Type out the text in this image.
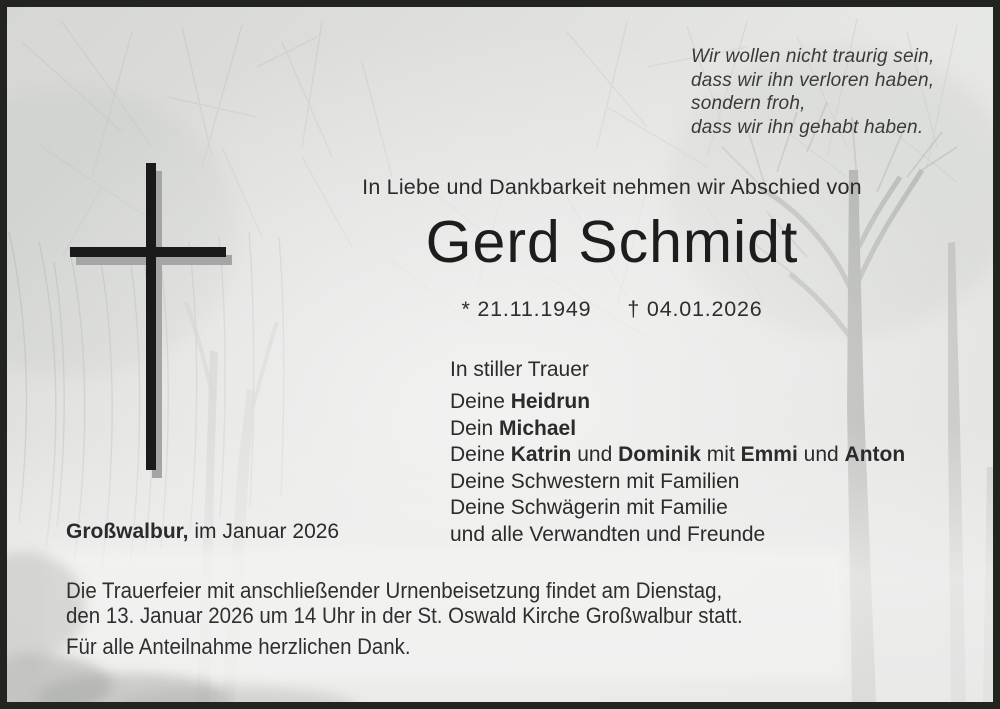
Wir wollen nicht traurig sein,
dass wir ihn verloren haben,
sondern froh,
dass wir ihn gehabt haben.
In Liebe und Dankbarkeit nehmen wir Abschied von
Gerd Schmidt
* 21.11.1949 † 04.01.2026
In stiller Trauer
Deine Heidrun
Dein Michael
Deine Katrin und Dominik mit Emmi und Anton
Deine Schwestern mit Familien
Deine Schwägerin mit Familie
und alle Verwandten und Freunde
Großwalbur, im Januar 2026
Die Trauerfeier mit anschließender Urnenbeisetzung findet am Dienstag,
den 13. Januar 2026 um 14 Uhr in der St. Oswald Kirche Großwalbur statt.
Für alle Anteilnahme herzlichen Dank.
